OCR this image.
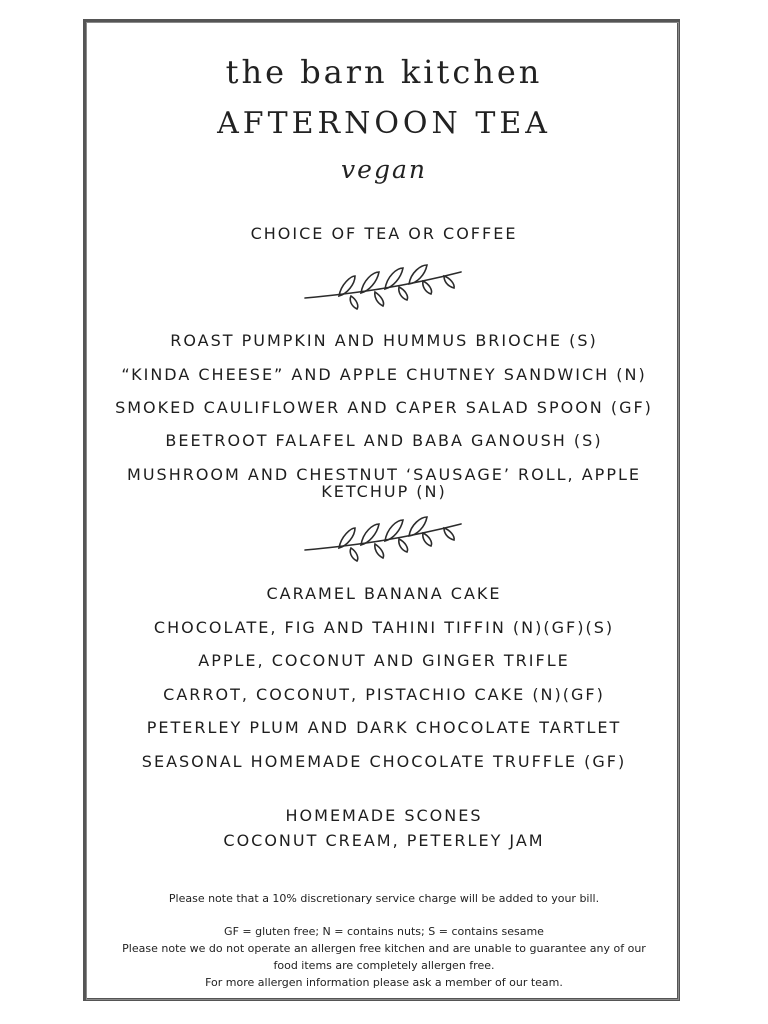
the barn kitchen
AFTERNOON TEA
vegan
CHOICE OF TEA OR COFFEE
ROAST PUMPKIN AND HUMMUS BRIOCHE (S)
“KINDA CHEESE” AND APPLE CHUTNEY SANDWICH (N)
SMOKED CAULIFLOWER AND CAPER SALAD SPOON (GF)
BEETROOT FALAFEL AND BABA GANOUSH (S)
MUSHROOM AND CHESTNUT ‘SAUSAGE’ ROLL, APPLE KETCHUP (N)
CARAMEL BANANA CAKE
CHOCOLATE, FIG AND TAHINI TIFFIN (N)(GF)(S)
APPLE, COCONUT AND GINGER TRIFLE
CARROT, COCONUT, PISTACHIO CAKE (N)(GF)
PETERLEY PLUM AND DARK CHOCOLATE TARTLET
SEASONAL HOMEMADE CHOCOLATE TRUFFLE (GF)
HOMEMADE SCONES
COCONUT CREAM, PETERLEY JAM
Please note that a 10% discretionary service charge will be added to your bill.
GF = gluten free; N = contains nuts; S = contains sesame
Please note we do not operate an allergen free kitchen and are unable to guarantee any of our
food items are completely allergen free.
For more allergen information please ask a member of our team.
